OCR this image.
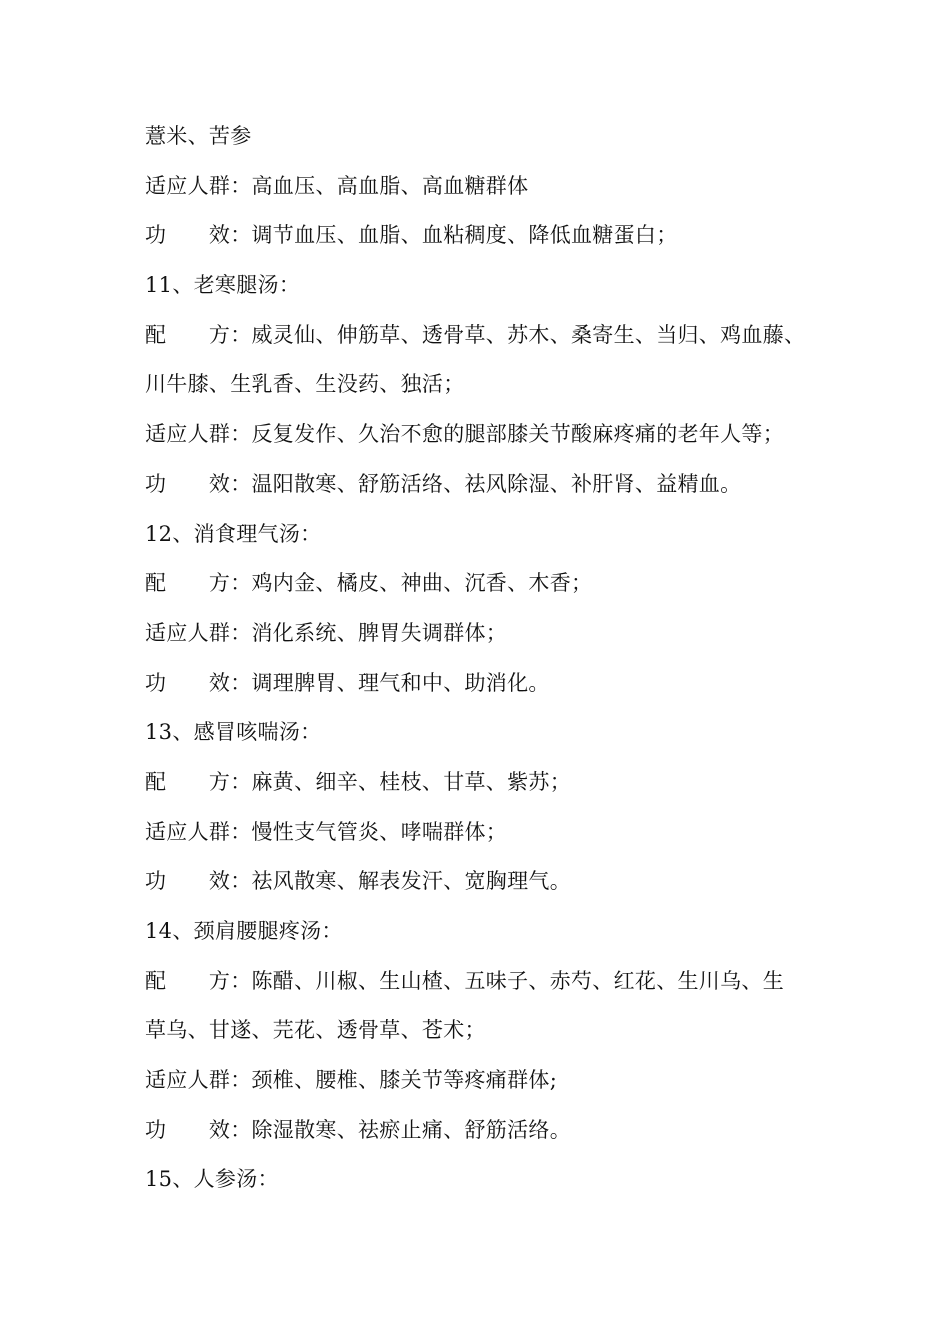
薏米、苦参
适应人群：高血压、高血脂、高血糖群体
功　　效：调节血压、血脂、血粘稠度、降低血糖蛋白；
11、老寒腿汤：
配　　方：威灵仙、伸筋草、透骨草、苏木、桑寄生、当归、鸡血藤、
川牛膝、生乳香、生没药、独活；
适应人群：反复发作、久治不愈的腿部膝关节酸麻疼痛的老年人等；
功　　效：温阳散寒、舒筋活络、祛风除湿、补肝肾、益精血。
12、消食理气汤：
配　　方：鸡内金、橘皮、神曲、沉香、木香；
适应人群：消化系统、脾胃失调群体；
功　　效：调理脾胃、理气和中、助消化。
13、感冒咳喘汤：
配　　方：麻黄、细辛、桂枝、甘草、紫苏；
适应人群：慢性支气管炎、哮喘群体；
功　　效：祛风散寒、解表发汗、宽胸理气。
14、颈肩腰腿疼汤：
配　　方：陈醋、川椒、生山楂、五味子、赤芍、红花、生川乌、生
草乌、甘遂、芫花、透骨草、苍术；
适应人群：颈椎、腰椎、膝关节等疼痛群体;
功　　效：除湿散寒、祛瘀止痛、舒筋活络。
15、人参汤：
